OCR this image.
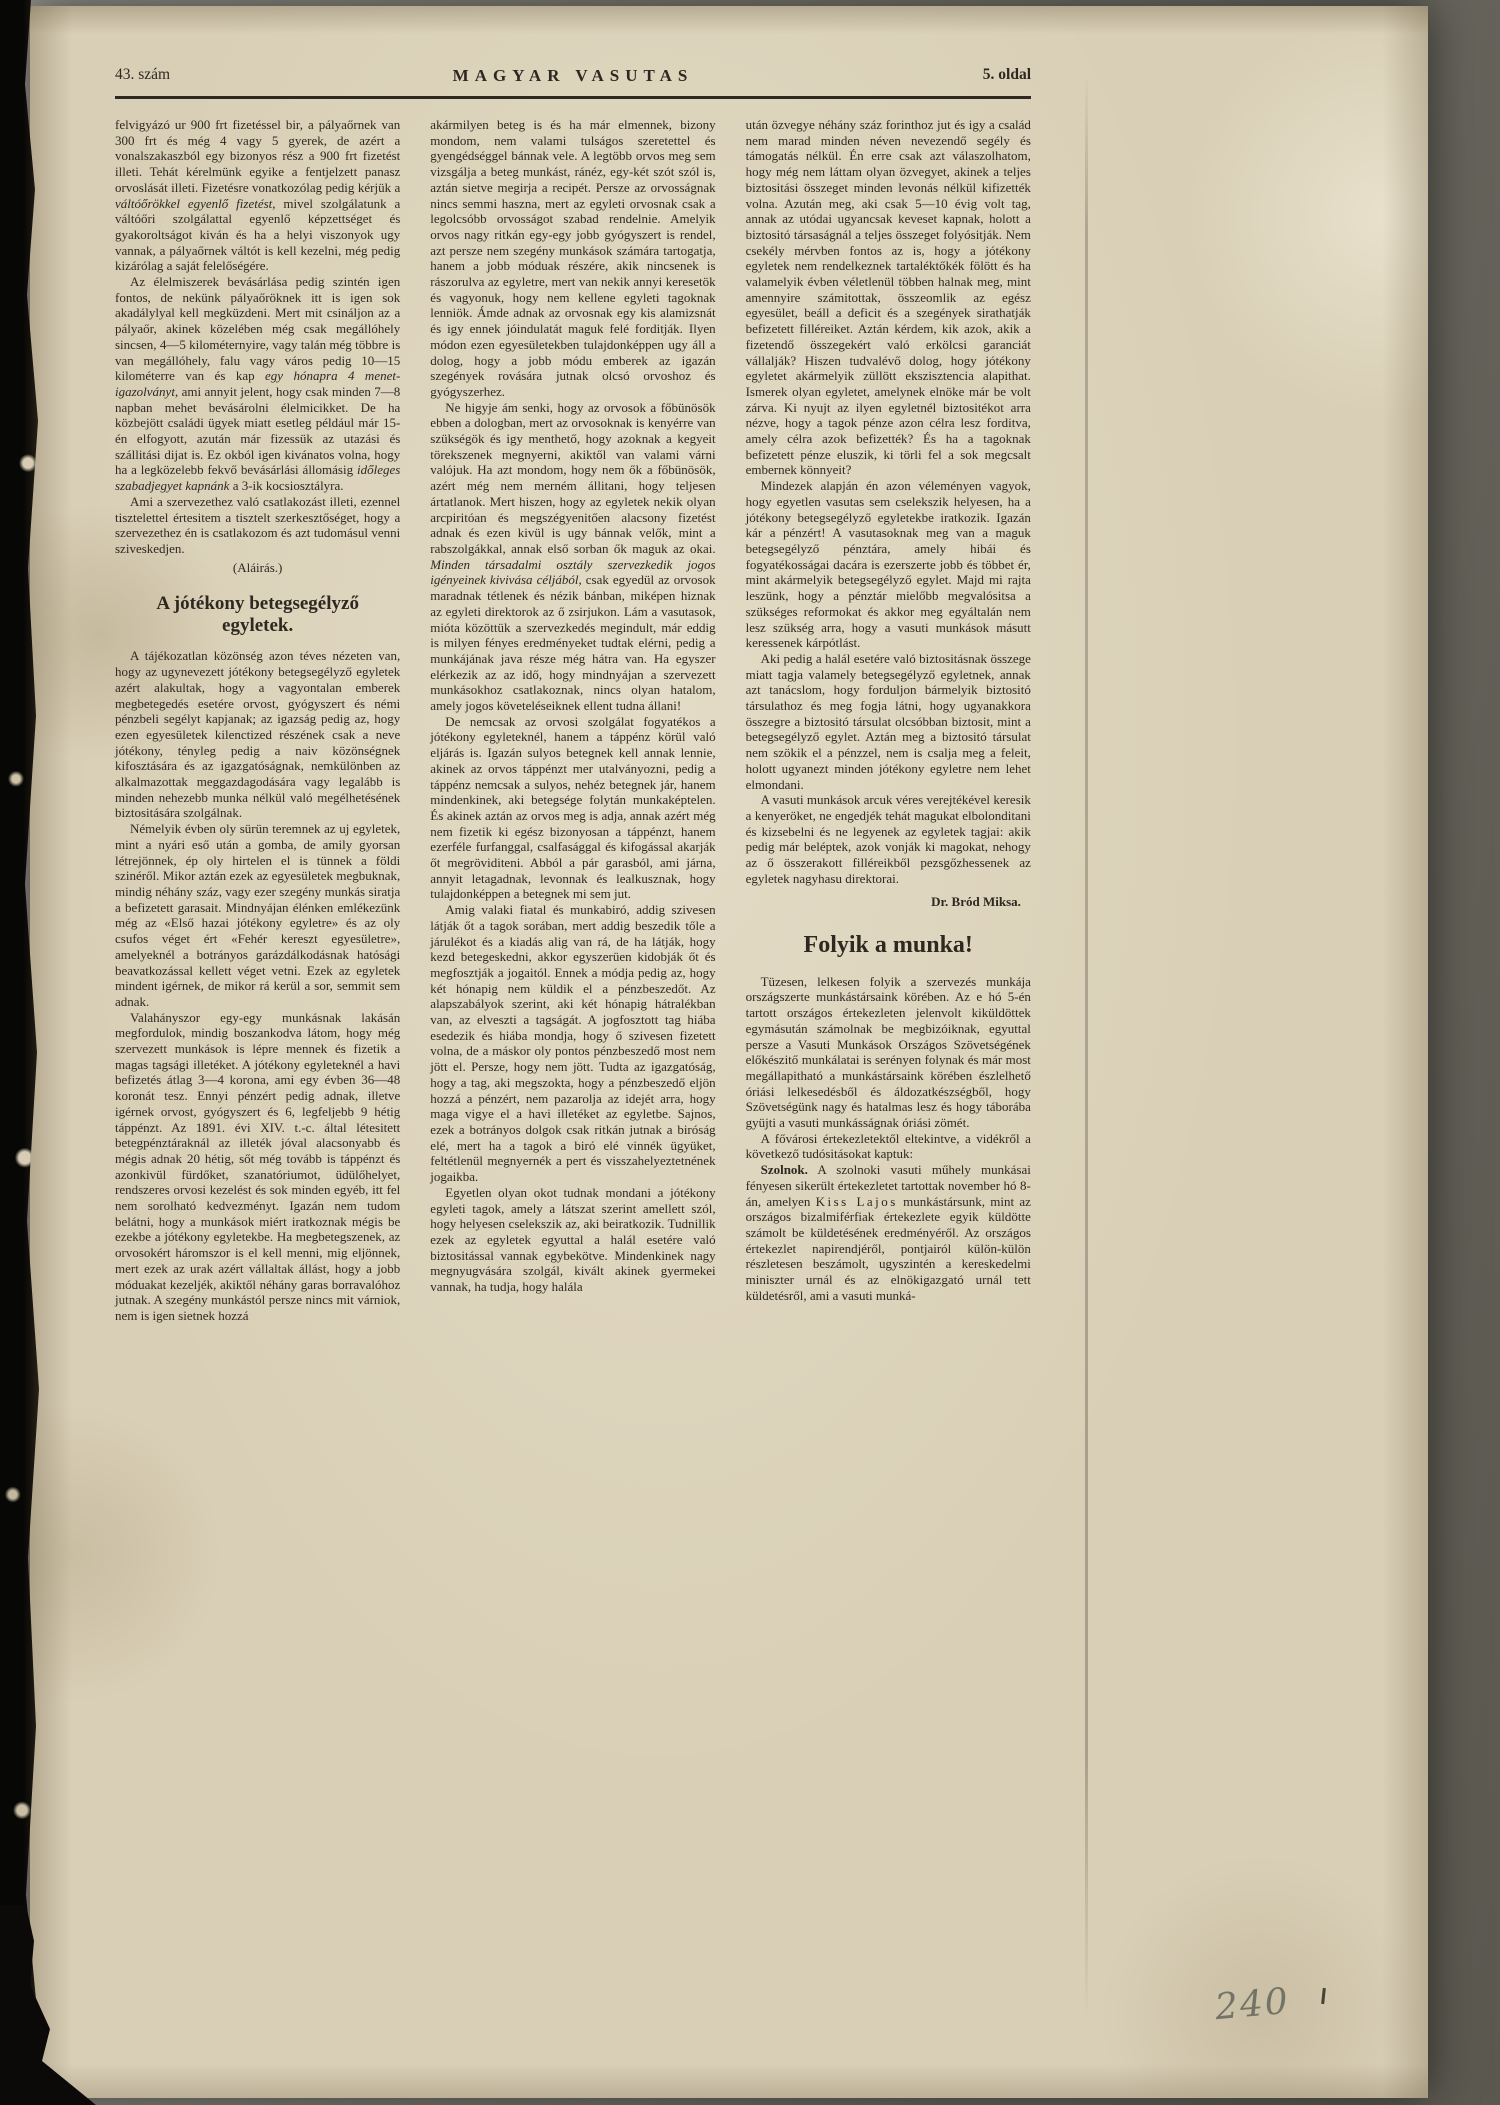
43. szám	MAGYAR VASUTAS	5. oldal

felvigyázó ur 900 frt fizetéssel bir, a pályaőrnek van 300 frt és még 4 vagy 5 gyerek, de azért a vonalszakaszból egy bizonyos rész a 900 frt fizetést illeti. Tehát kérelmünk egyike a fentjelzett panasz orvoslását illeti. Fizetésre vonatkozólag pedig kérjük a váltóőrökkel egyenlő fizetést, mivel szolgálatunk a váltóőri szolgálattal egyenlő képzettséget és gyakoroltságot kiván és ha a helyi viszonyok ugy vannak, a pályaőrnek váltót is kell kezelni, még pedig kizárólag a saját felelőségére.

Az élelmiszerek bevásárlása pedig szintén igen fontos, de nekünk pályaőröknek itt is igen sok akadálylyal kell megküzdeni. Mert mit csináljon az a pályaőr, akinek közelében még csak megállóhely sincsen, 4—5 kilométernyire, vagy talán még többre is van megállóhely, falu vagy város pedig 10—15 kilométerre van és kap egy hónapra 4 menet-igazolványt, ami annyit jelent, hogy csak minden 7—8 napban mehet bevásárolni élelmicikket. De ha közbejött családi ügyek miatt esetleg például már 15-én elfogyott, azután már fizessük az utazási és szállitási dijat is. Ez okból igen kivánatos volna, hogy ha a legközelebb fekvő bevásárlási állomásig időleges szabadjegyet kapnánk a 3-ik kocsiosztályra.

Ami a szervezethez való csatlakozást illeti, ezennel tisztelettel értesitem a tisztelt szerkesztőséget, hogy a szervezethez én is csatlakozom és azt tudomásul venni sziveskedjen.

(Aláirás.)

A jótékony betegsegélyző egyletek.

A tájékozatlan közönség azon téves nézeten van, hogy az ugynevezett jótékony betegsegélyző egyletek azért alakultak, hogy a vagyontalan emberek megbetegedés esetére orvost, gyógyszert és némi pénzbeli segélyt kapjanak; az igazság pedig az, hogy ezen egyesületek kilenctized részének csak a neve jótékony, tényleg pedig a naiv közönségnek kifosztására és az igazgatóságnak, nemkülönben az alkalmazottak meggazdagodására vagy legalább is minden nehezebb munka nélkül való megélhetésének biztositására szolgálnak.

Némelyik évben oly sürün teremnek az uj egyletek, mint a nyári eső után a gomba, de amily gyorsan létrejönnek, ép oly hirtelen el is tünnek a földi szinéről. Mikor aztán ezek az egyesületek megbuknak, mindig néhány száz, vagy ezer szegény munkás siratja a befizetett garasait. Mindnyájan élénken emlékezünk még az «Első hazai jótékony egyletre» és az oly csufos véget ért «Fehér kereszt egyesületre», amelyeknél a botrányos garázdálkodásnak hatósági beavatkozással kellett véget vetni. Ezek az egyletek mindent igérnek, de mikor rá kerül a sor, semmit sem adnak.

Valahányszor egy-egy munkásnak lakásán megfordulok, mindig boszankodva látom, hogy még szervezett munkások is lépre mennek és fizetik a magas tagsági illetéket. A jótékony egyleteknél a havi befizetés átlag 3—4 korona, ami egy évben 36—48 koronát tesz. Ennyi pénzért pedig adnak, illetve igérnek orvost, gyógyszert és 6, legfeljebb 9 hétig táppénzt. Az 1891. évi XIV. t.-c. által létesitett betegpénztáraknál az illeték jóval alacsonyabb és mégis adnak 20 hétig, sőt még tovább is táppénzt és azonkivül fürdőket, szanatóriumot, üdülőhelyet, rendszeres orvosi kezelést és sok minden egyéb, itt fel nem sorolható kedvezményt. Igazán nem tudom belátni, hogy a munkások miért iratkoznak mégis be ezekbe a jótékony egyletekbe. Ha megbetegszenek, az orvosokért háromszor is el kell menni, mig eljönnek, mert ezek az urak azért vállaltak állást, hogy a jobb móduakat kezeljék, akiktől néhány garas borravalóhoz jutnak. A szegény munkástól persze nincs mit várniok, nem is igen sietnek hozzá

akármilyen beteg is és ha már elmennek, bizony mondom, nem valami tulságos szeretettel és gyengédséggel bánnak vele. A legtöbb orvos meg sem vizsgálja a beteg munkást, ránéz, egy-két szót szól is, aztán sietve megirja a recipét. Persze az orvosságnak nincs semmi haszna, mert az egyleti orvosnak csak a legolcsóbb orvosságot szabad rendelnie. Amelyik orvos nagy ritkán egy-egy jobb gyógyszert is rendel, azt persze nem szegény munkások számára tartogatja, hanem a jobb móduak részére, akik nincsenek is rászorulva az egyletre, mert van nekik annyi keresetök és vagyonuk, hogy nem kellene egyleti tagoknak lenniök. Ámde adnak az orvosnak egy kis alamizsnát és igy ennek jóindulatát maguk felé forditják. Ilyen módon ezen egyesületekben tulajdonképpen ugy áll a dolog, hogy a jobb módu emberek az igazán szegények rovására jutnak olcsó orvoshoz és gyógyszerhez.

Ne higyje ám senki, hogy az orvosok a főbünösök ebben a dologban, mert az orvosoknak is kenyérre van szükségök és igy menthető, hogy azoknak a kegyeit törekszenek megnyerni, akiktől van valami várni valójuk. Ha azt mondom, hogy nem ők a főbünösök, azért még nem merném állitani, hogy teljesen ártatlanok. Mert hiszen, hogy az egyletek nekik olyan arcpiritóan és megszégyenitően alacsony fizetést adnak és ezen kivül is ugy bánnak velők, mint a rabszolgákkal, annak első sorban ők maguk az okai. Minden társadalmi osztály szervezkedik jogos igényeinek kivivása céljából, csak egyedül az orvosok maradnak tétlenek és nézik bánban, miképen hiznak az egyleti direktorok az ő zsirjukon. Lám a vasutasok, mióta közöttük a szervezkedés megindult, már eddig is milyen fényes eredményeket tudtak elérni, pedig a munkájának java része még hátra van. Ha egyszer elérkezik az az idő, hogy mindnyájan a szervezett munkásokhoz csatlakoznak, nincs olyan hatalom, amely jogos követeléseiknek ellent tudna állani!

De nemcsak az orvosi szolgálat fogyatékos a jótékony egyleteknél, hanem a táppénz körül való eljárás is. Igazán sulyos betegnek kell annak lennie, akinek az orvos táppénzt mer utalványozni, pedig a táppénz nemcsak a sulyos, nehéz betegnek jár, hanem mindenkinek, aki betegsége folytán munkaképtelen. És akinek aztán az orvos meg is adja, annak azért még nem fizetik ki egész bizonyosan a táppénzt, hanem ezerféle furfanggal, csalfasággal és kifogással akarják őt megröviditeni. Abból a pár garasból, ami járna, annyit letagadnak, levonnak és lealkusznak, hogy tulajdonképpen a betegnek mi sem jut.

Amig valaki fiatal és munkabiró, addig szivesen látják őt a tagok sorában, mert addig beszedik tőle a járulékot és a kiadás alig van rá, de ha látják, hogy kezd betegeskedni, akkor egyszerüen kidobják őt és megfosztják a jogaitól. Ennek a módja pedig az, hogy két hónapig nem küldik el a pénzbeszedőt. Az alapszabályok szerint, aki két hónapig hátralékban van, az elveszti a tagságát. A jogfosztott tag hiába esedezik és hiába mondja, hogy ő szivesen fizetett volna, de a máskor oly pontos pénzbeszedő most nem jött el. Persze, hogy nem jött. Tudta az igazgatóság, hogy a tag, aki megszokta, hogy a pénzbeszedő eljön hozzá a pénzért, nem pazarolja az idejét arra, hogy maga vigye el a havi illetéket az egyletbe. Sajnos, ezek a botrányos dolgok csak ritkán jutnak a biróság elé, mert ha a tagok a biró elé vinnék ügyüket, feltétlenül megnyernék a pert és visszahelyeztetnének jogaikba.

Egyetlen olyan okot tudnak mondani a jótékony egyleti tagok, amely a látszat szerint amellett szól, hogy helyesen cselekszik az, aki beiratkozik. Tudnillik ezek az egyletek egyuttal a halál esetére való biztositással vannak egybekötve. Mindenkinek nagy megnyugvására szolgál, kivált akinek gyermekei vannak, ha tudja, hogy halála

után özvegye néhány száz forinthoz jut és igy a család nem marad minden néven nevezendő segély és támogatás nélkül. Én erre csak azt válaszolhatom, hogy még nem láttam olyan özvegyet, akinek a teljes biztositási összeget minden levonás nélkül kifizették volna. Azután meg, aki csak 5—10 évig volt tag, annak az utódai ugyancsak keveset kapnak, holott a biztositó társaságnál a teljes összeget folyósitják. Nem csekély mérvben fontos az is, hogy a jótékony egyletek nem rendelkeznek tartaléktőkék fölött és ha valamelyik évben véletlenül többen halnak meg, mint amennyire számitottak, összeomlik az egész egyesület, beáll a deficit és a szegények sirathatják befizetett filléreiket. Aztán kérdem, kik azok, akik a fizetendő összegekért való erkölcsi garanciát vállalják? Hiszen tudvalévő dolog, hogy jótékony egyletet akármelyik züllött ekszisztencia alapithat. Ismerek olyan egyletet, amelynek elnöke már be volt zárva. Ki nyujt az ilyen egyletnél biztositékot arra nézve, hogy a tagok pénze azon célra lesz forditva, amely célra azok befizették? És ha a tagoknak befizetett pénze eluszik, ki törli fel a sok megcsalt embernek könnyeit?

Mindezek alapján én azon véleményen vagyok, hogy egyetlen vasutas sem cselekszik helyesen, ha a jótékony betegsegélyző egyletekbe iratkozik. Igazán kár a pénzért! A vasutasoknak meg van a maguk betegsegélyző pénztára, amely hibái és fogyatékosságai dacára is ezerszerte jobb és többet ér, mint akármelyik betegsegélyző egylet. Majd mi rajta leszünk, hogy a pénztár mielőbb megvalósitsa a szükséges reformokat és akkor meg egyáltalán nem lesz szükség arra, hogy a vasuti munkások másutt keressenek kárpótlást.

Aki pedig a halál esetére való biztositásnak összege miatt tagja valamely betegsegélyző egyletnek, annak azt tanácslom, hogy forduljon bármelyik biztositó társulathoz és meg fogja látni, hogy ugyanakkora összegre a biztositó társulat olcsóbban biztosit, mint a betegsegélyző egylet. Aztán meg a biztositó társulat nem szökik el a pénzzel, nem is csalja meg a feleit, holott ugyanezt minden jótékony egyletre nem lehet elmondani.

A vasuti munkások arcuk véres verejtékével keresik a kenyeröket, ne engedjék tehát magukat elbolonditani és kizsebelni és ne legyenek az egyletek tagjai: akik pedig már beléptek, azok vonják ki magokat, nehogy az ő összerakott filléreikből pezsgőzhessenek az egyletek nagyhasu direktorai.

Dr. Bród Miksa.

Folyik a munka!

Tüzesen, lelkesen folyik a szervezés munkája országszerte munkástársaink körében. Az e hó 5-én tartott országos értekezleten jelenvolt kiküldöttek egymásután számolnak be megbizóiknak, egyuttal persze a Vasuti Munkások Országos Szövetségének előkészitő munkálatai is serényen folynak és már most megállapitható a munkástársaink körében észlelhető óriási lelkesedésből és áldozatkészségből, hogy Szövetségünk nagy és hatalmas lesz és hogy táborába gyüjti a vasuti munkásságnak óriási zömét.

A fővárosi értekezletektől eltekintve, a vidékről a következő tudósitásokat kaptuk:

Szolnok. A szolnoki vasuti műhely munkásai fényesen sikerült értekezletet tartottak november hó 8-án, amelyen Kiss Lajos munkástársunk, mint az országos bizalmiférfiak értekezlete egyik küldötte számolt be küldetésének eredményéről. Az országos értekezlet napirendjéről, pontjairól külön-külön részletesen beszámolt, ugyszintén a kereskedelmi miniszter urnál és az elnökigazgató urnál tett küldetésről, ami a vasuti munká-

240
